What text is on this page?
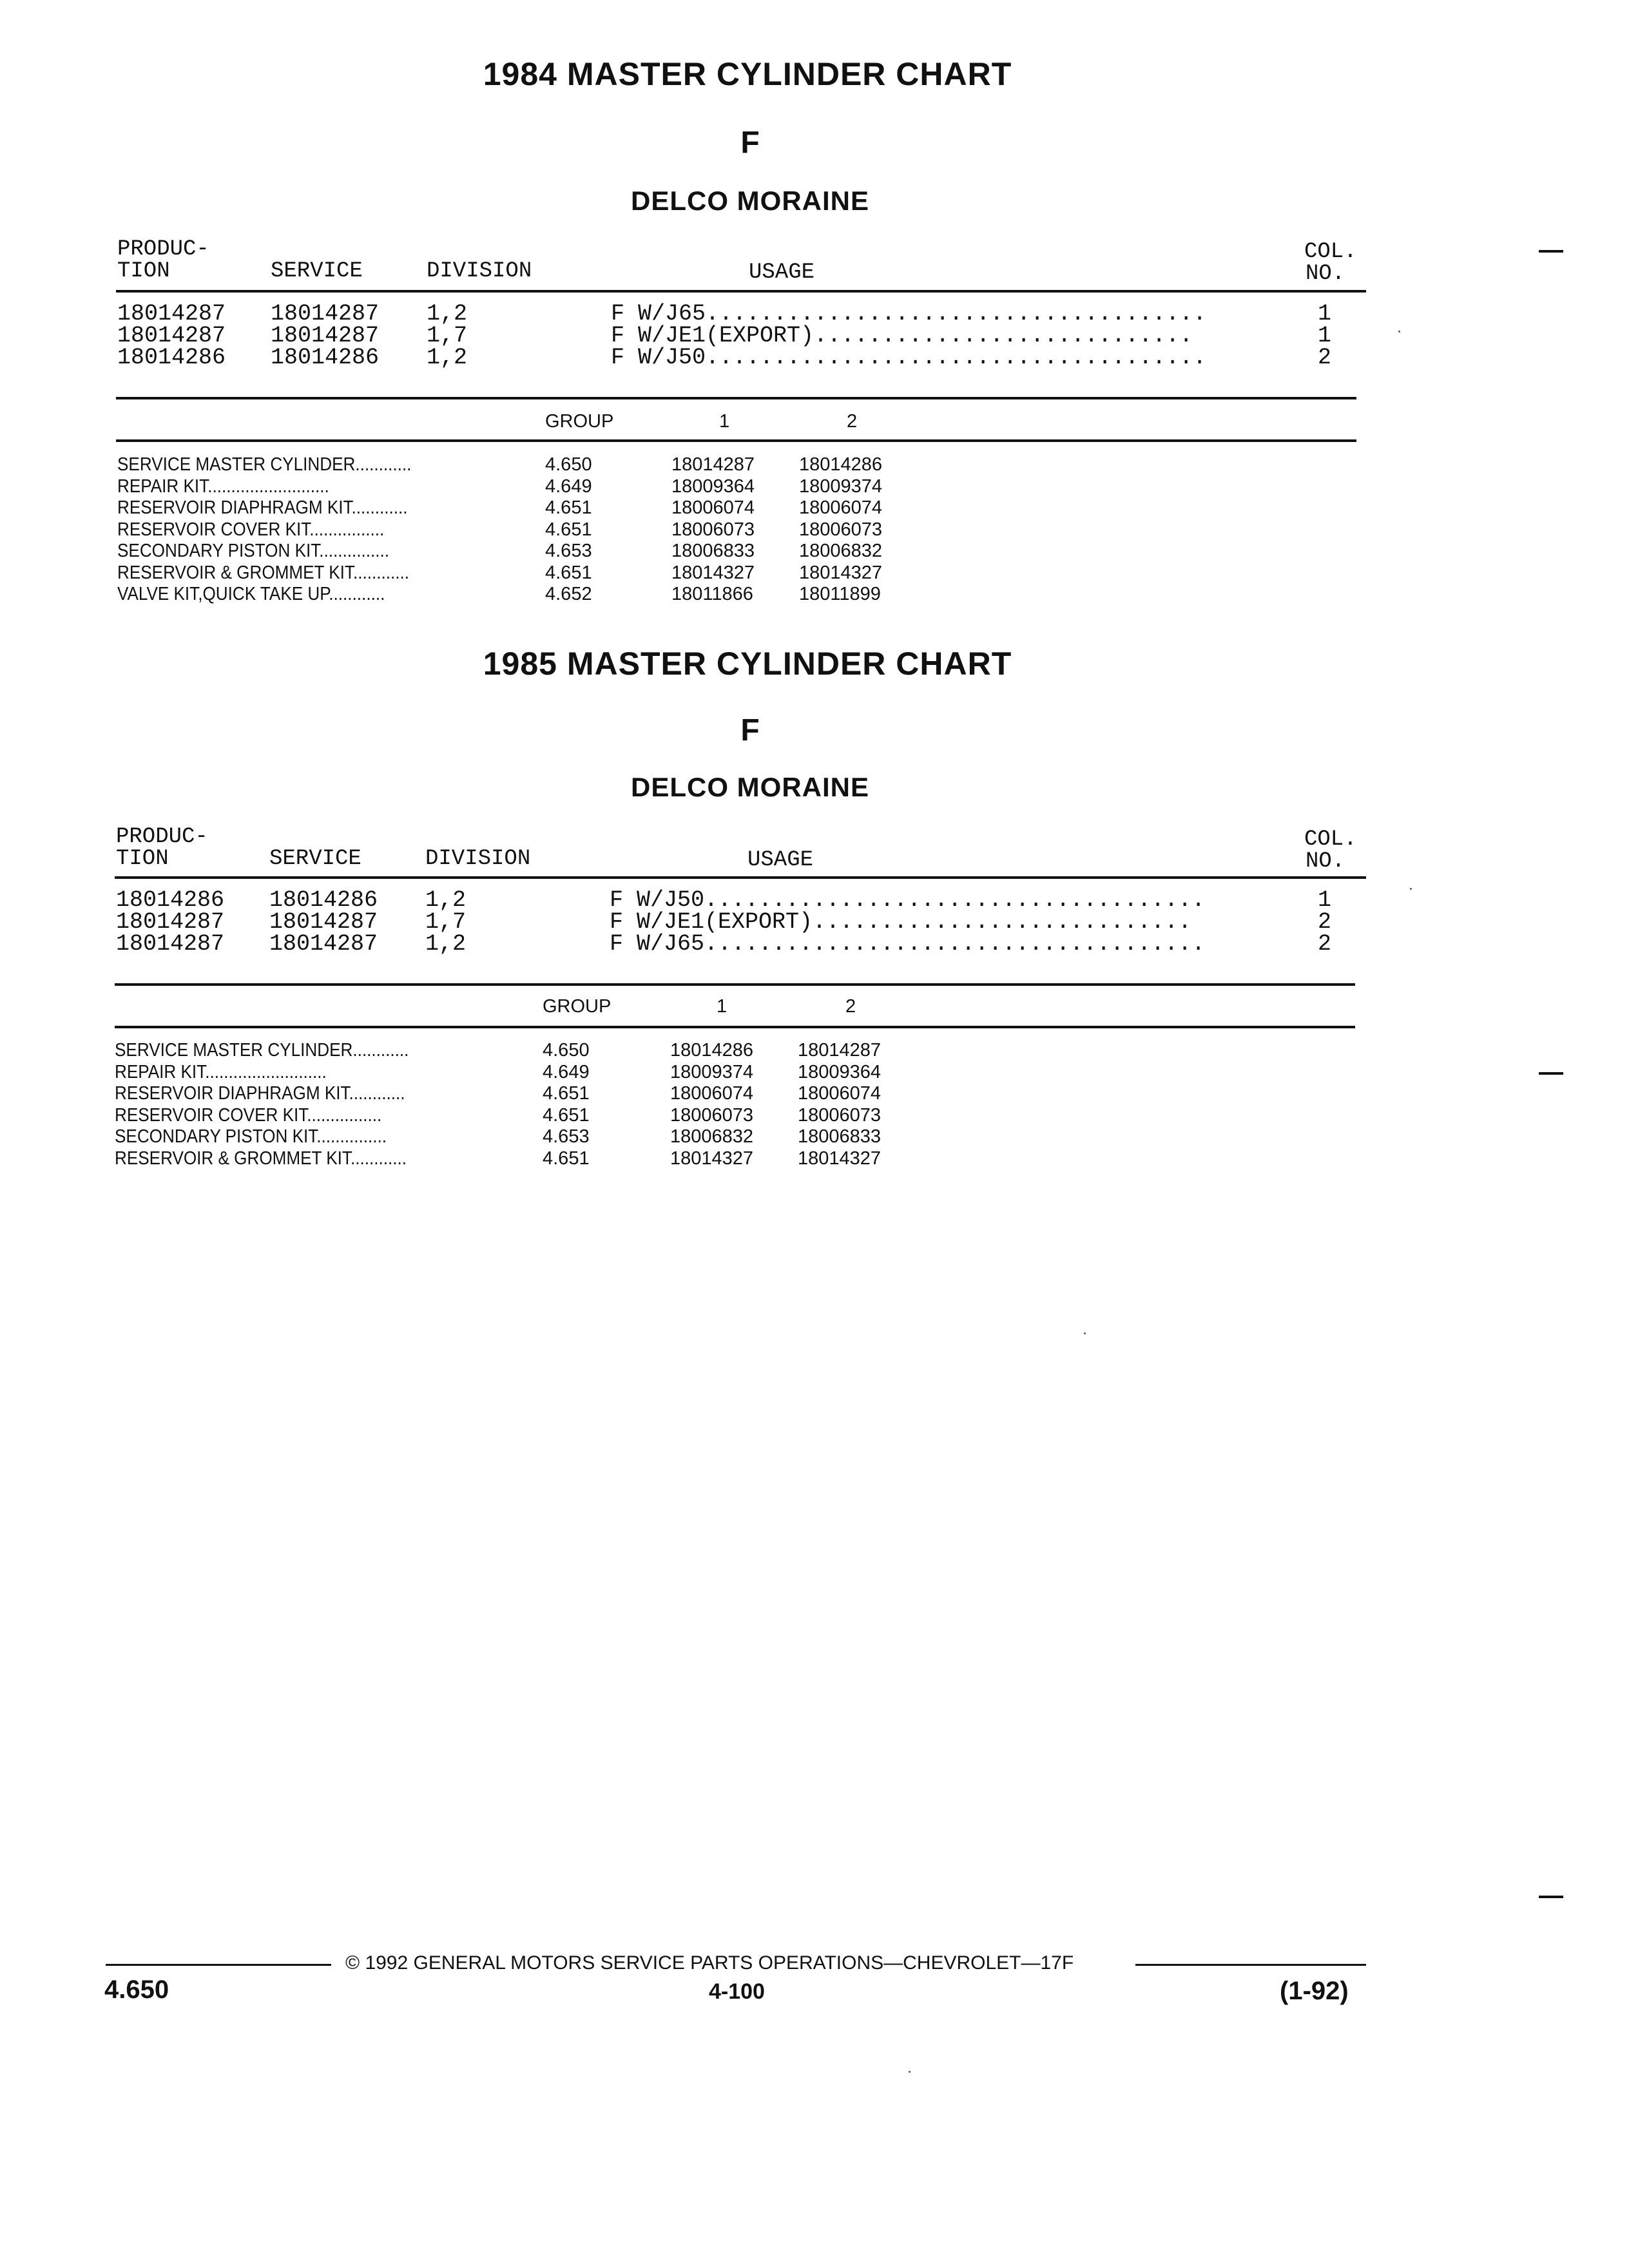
1984 MASTER CYLINDER CHART
F
DELCO MORAINE
PRODUC-
TION	SERVICE	DIVISION	USAGE
COL.
NO.
18014287 18014287 1,2	F W/J65.....................................	1
18014287 18014287 1,7	F W/JE1(EXPORT)............................	1
18014286 18014286 1,2	F W/J50.....................................	2
GROUP	1	2
SERVICE MASTER CYLINDER............	4.650	18014287 18014286
REPAIR KIT..........................	4.649	18009364 18009374
RESERVOIR DIAPHRAGM KIT............	4.651	18006074 18006074
RESERVOIR COVER KIT................	4.651	18006073 18006073
SECONDARY PISTON KIT...............	4.653	18006833 18006832
RESERVOIR & GROMMET KIT............	4.651	18014327 18014327
VALVE KIT,QUICK TAKE UP............	4.652	18011866 18011899
1985 MASTER CYLINDER CHART
F
DELCO MORAINE
PRODUC-
TION	SERVICE	DIVISION	USAGE
COL.
NO.
18014286 18014286 1,2	F W/J50.....................................	1
18014287 18014287 1,7	F W/JE1(EXPORT)............................	2
18014287 18014287 1,2	F W/J65.....................................	2
GROUP	1	2
SERVICE MASTER CYLINDER............	4.650	18014286 18014287
REPAIR KIT..........................	4.649	18009374 18009364
RESERVOIR DIAPHRAGM KIT............	4.651	18006074 18006074
RESERVOIR COVER KIT................	4.651	18006073 18006073
SECONDARY PISTON KIT...............	4.653	18006832 18006833
RESERVOIR & GROMMET KIT............	4.651	18014327 18014327
© 1992 GENERAL MOTORS SERVICE PARTS OPERATIONS—CHEVROLET—17F
4.650	4-100	(1-92)
